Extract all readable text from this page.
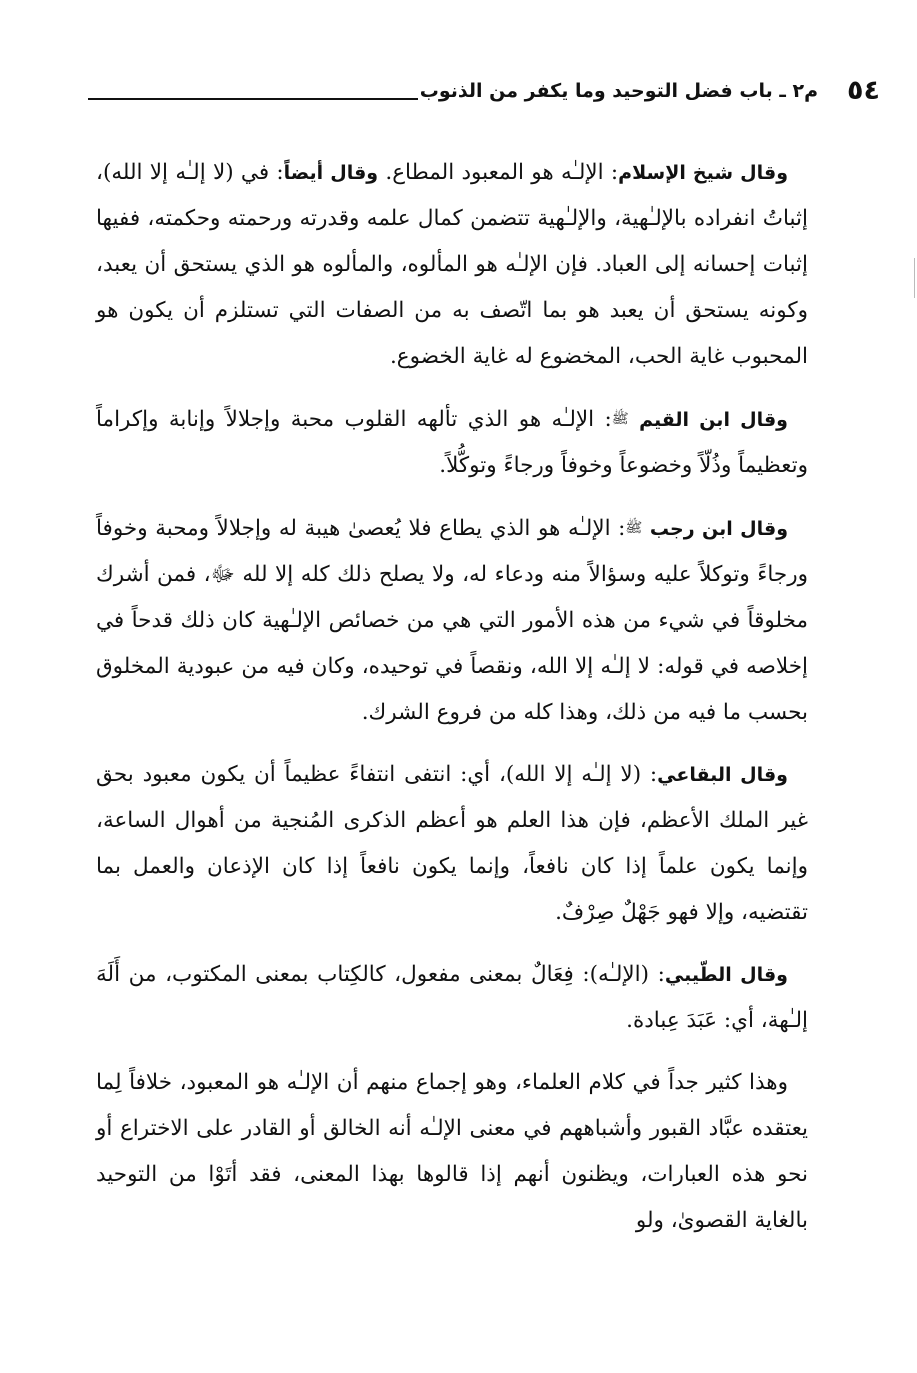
٥٤
م٢ ـ باب فضل التوحيد وما يكفر من الذنوب

وقال شيخ الإسلام: الإلـٰه هو المعبود المطاع. وقال أيضاً: في (لا إلـٰه إلا الله)، إثباتُ انفراده بالإلـٰهية، والإلـٰهية تتضمن كمال علمه وقدرته ورحمته وحكمته، ففيها إثبات إحسانه إلى العباد. فإن الإلـٰه هو المألوه، والمألوه هو الذي يستحق أن يعبد، وكونه يستحق أن يعبد هو بما اتّصف به من الصفات التي تستلزم أن يكون هو المحبوب غاية الحب، المخضوع له غاية الخضوع.

وقال ابن القيم ﷺ: الإلـٰه هو الذي تألهه القلوب محبة وإجلالاً وإنابة وإكراماً وتعظيماً وذُلّاً وخضوعاً وخوفاً ورجاءً وتوكُّلاً.

وقال ابن رجب ﷺ: الإلـٰه هو الذي يطاع فلا يُعصىٰ هيبة له وإجلالاً ومحبة وخوفاً ورجاءً وتوكلاً عليه وسؤالاً منه ودعاء له، ولا يصلح ذلك كله إلا لله ﷻ، فمن أشرك مخلوقاً في شيء من هذه الأمور التي هي من خصائص الإلـٰهية كان ذلك قدحاً في إخلاصه في قوله: لا إلـٰه إلا الله، ونقصاً في توحيده، وكان فيه من عبودية المخلوق بحسب ما فيه من ذلك، وهذا كله من فروع الشرك.

وقال البقاعي: (لا إلـٰه إلا الله)، أي: انتفى انتفاءً عظيماً أن يكون معبود بحق غير الملك الأعظم، فإن هذا العلم هو أعظم الذكرى المُنجية من أهوال الساعة، وإنما يكون علماً إذا كان نافعاً، وإنما يكون نافعاً إذا كان الإذعان والعمل بما تقتضيه، وإلا فهو جَهْلٌ صِرْفٌ.

وقال الطّيبي: (الإلـٰه): فِعَالٌ بمعنى مفعول، كالكِتاب بمعنى المكتوب، من أَلَهَ إلـٰهة، أي: عَبَدَ عِبادة.

وهذا كثير جداً في كلام العلماء، وهو إجماع منهم أن الإلـٰه هو المعبود، خلافاً لِما يعتقده عبَّاد القبور وأشباههم في معنى الإلـٰه أنه الخالق أو القادر على الاختراع أو نحو هذه العبارات، ويظنون أنهم إذا قالوها بهذا المعنى، فقد أتَوْا من التوحيد بالغاية القصوىٰ، ولو
